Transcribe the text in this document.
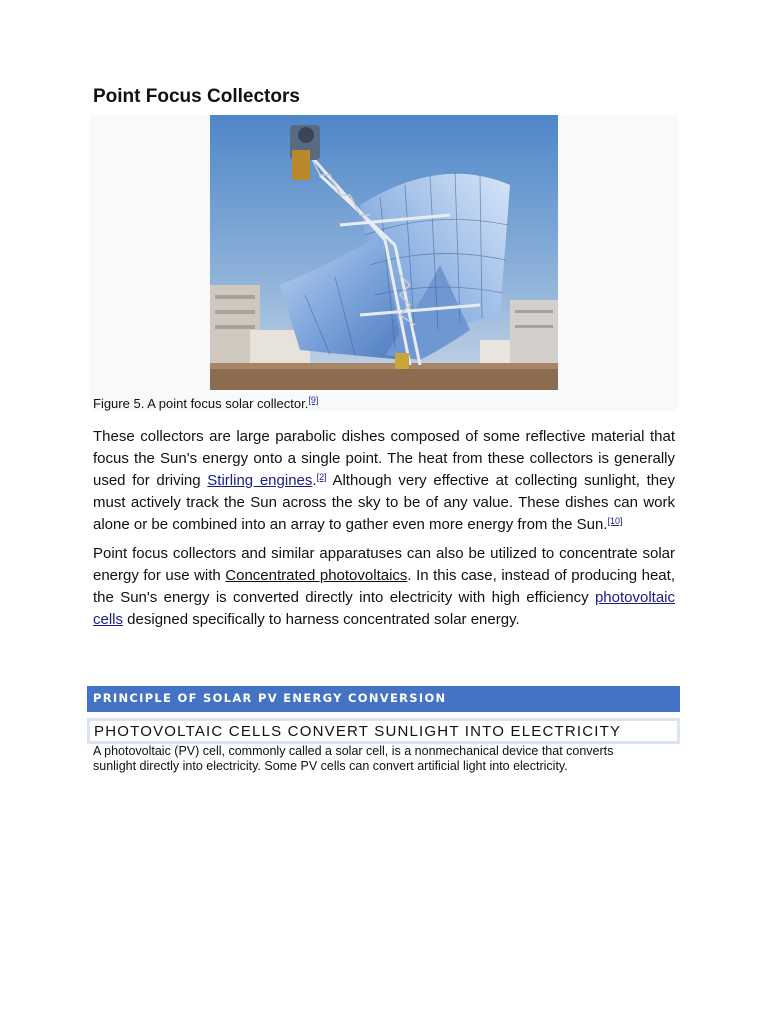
Point Focus Collectors
Figure 5. A point focus solar collector.[9]

These collectors are large parabolic dishes composed of some reflective material that focus the Sun's energy onto a single point. The heat from these collectors is generally used for driving Stirling engines.[2] Although very effective at collecting sunlight, they must actively track the Sun across the sky to be of any value. These dishes can work alone or be combined into an array to gather even more energy from the Sun.[10]

Point focus collectors and similar apparatuses can also be utilized to concentrate solar energy for use with Concentrated photovoltaics. In this case, instead of producing heat, the Sun's energy is converted directly into electricity with high efficiency photovoltaic cells designed specifically to harness concentrated solar energy.

PRINCIPLE OF SOLAR PV ENERGY CONVERSION
PHOTOVOLTAIC CELLS CONVERT SUNLIGHT INTO ELECTRICITY

A photovoltaic (PV) cell, commonly called a solar cell, is a nonmechanical device that converts sunlight directly into electricity. Some PV cells can convert artificial light into electricity.
